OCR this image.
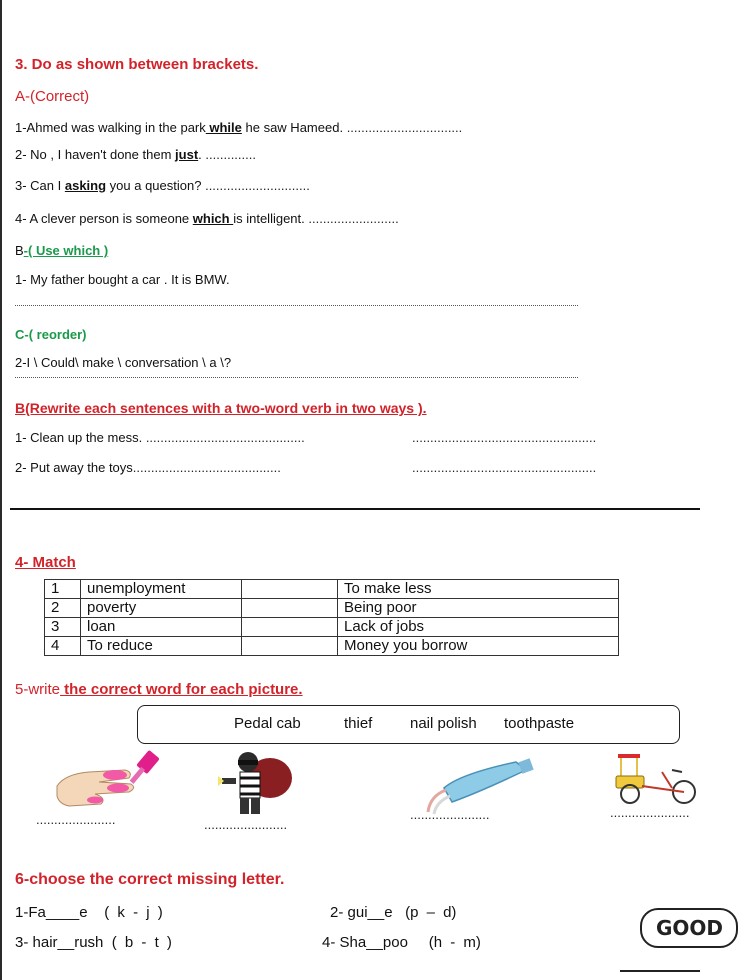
3. Do as shown between brackets.
A-(Correct)
1-Ahmed was walking in the park while he saw Hameed. ................................
2- No , I haven't done them just. ..............
3- Can I asking you a question? .............................
4- A clever person is someone which is intelligent. .........................
B-( Use which )
1- My father bought a car . It is BMW.
C-( reorder)
2-I \ Could\ make \ conversation \ a \?
B(Rewrite each sentences with a two-word verb in two ways ).
1- Clean up the mess. ............................................	...................................................
2- Put away the toys.........................................	...................................................
4- Match
1	unemployment		To make less
2	poverty		Being poor
3	loan		Lack of jobs
4	To reduce		Money you borrow
5-write the correct word for each picture.
Pedal cab	thief	nail polish toothpaste
......................	.......................
......................	......................
6-choose the correct missing letter.
1-Fa____e ( k - j )	2- gui__e (p – d)
3- hair__rush ( b - t )	4- Sha__poo (h - m)
GOOD
